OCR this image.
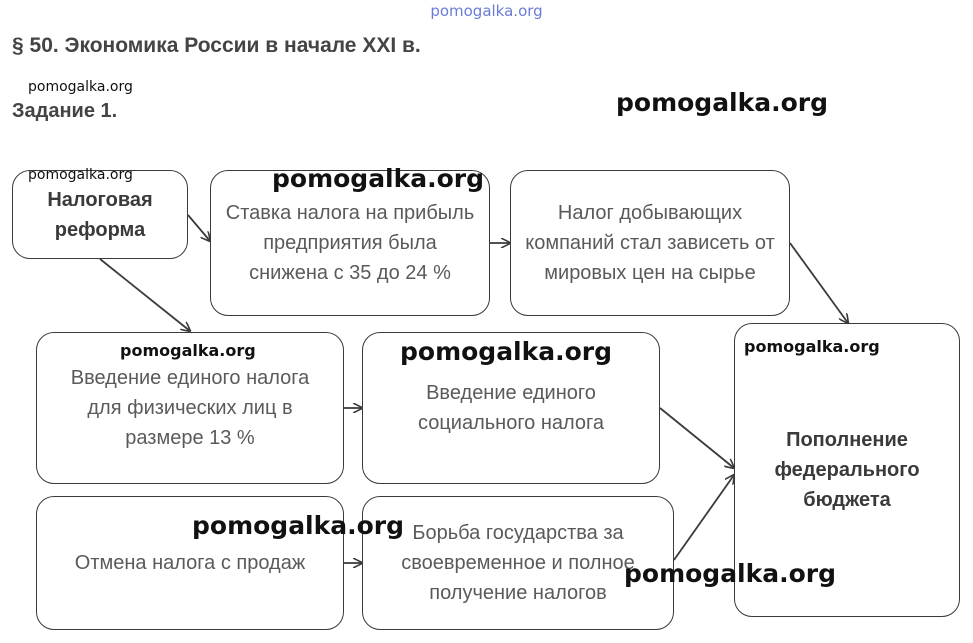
pomogalka.org
§ 50. Экономика России в начале XXI в.
Задание 1.
Налоговая реформа
Ставка налога на прибыль предприятия была снижена с 35 до 24 %
Налог добывающих компаний стал зависеть от мировых цен на сырье
Введение единого налога для физических лиц в размере 13 %
Введение единого социального налога
Отмена налога с продаж
Борьба государства за своевременное и полное получение налогов
Пополнение федерального бюджета
pomogalka.org
pomogalka.org
pomogalka.org	pomogalka.org
pomogalka.org	pomogalka.org	pomogalka.org
pomogalka.org
pomogalka.org
